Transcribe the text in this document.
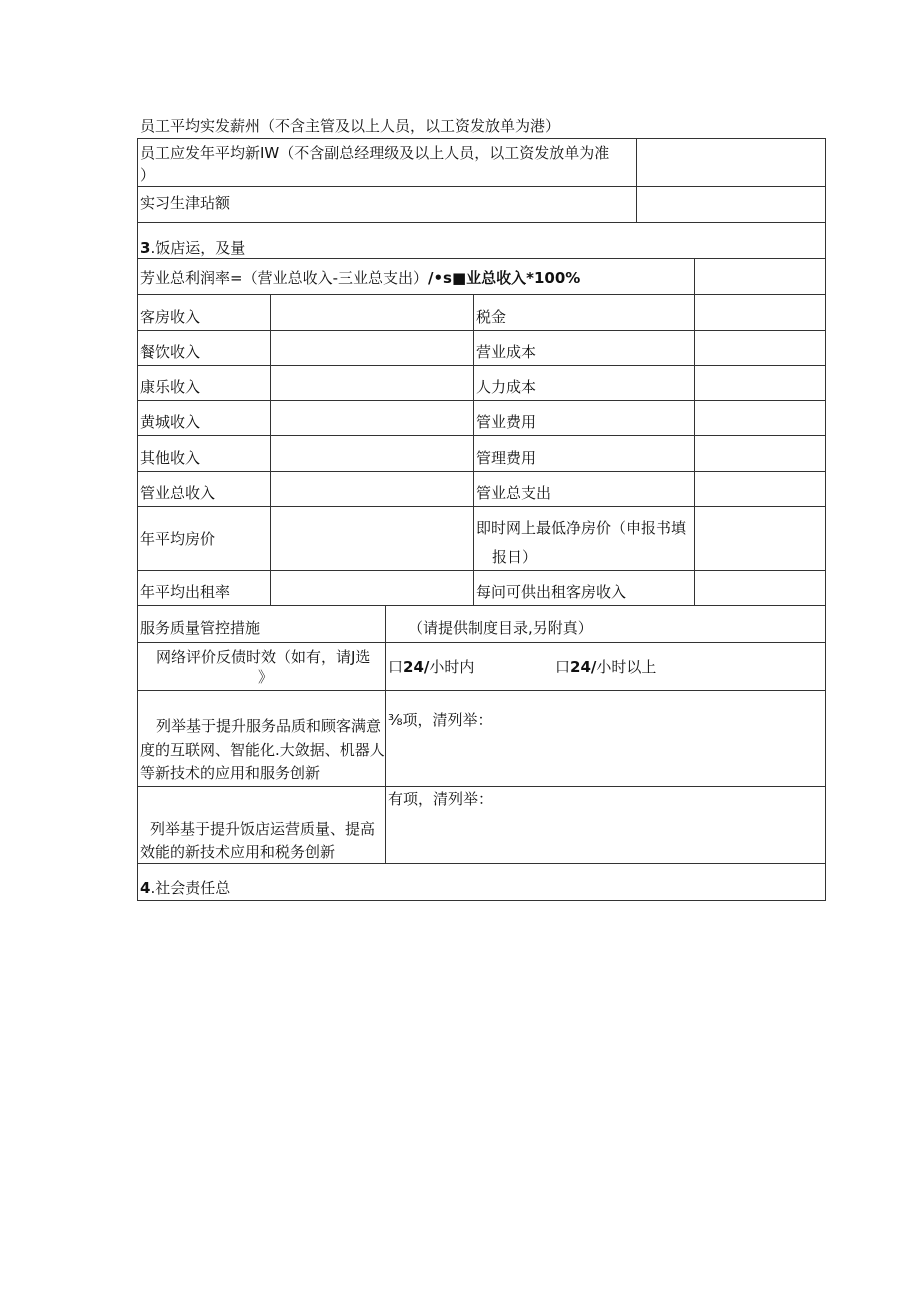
员工平均实发薪州（不含主管及以上人员，以工资发放单为港）
员工应发年平均新IW（不含副总经理级及以上人员，以工资发放单为准
）
实习生津玷额
3.饭店运，及量
芳业总利润率=（营业总收入-三业总支出）/•s■业总收入*100%
客房收入
餐饮收入
康乐收入
黄城收入
其他收入
管业总收入
年平均房价
年平均出租率
税金
营业成本
人力成本
管业费用
管理费用
管业总支出
即时网上最低净房价（申报书填
报日）
每问可供出租客房收入
服务质量管控措施	（请提供制度目录,另附真）
网络评价反债时效（如有，请J选
》
口24/小时内	口24/小时以上
列举基于提升服务品质和顾客满意
度的互联网、智能化.大敛据、机器人
等新技术的应用和服务创新
⅜项，清列举：
列举基于提升饭店运营质量、提高
效能的新技术应用和税务创新
有项，清列举：
4.社会责任总
